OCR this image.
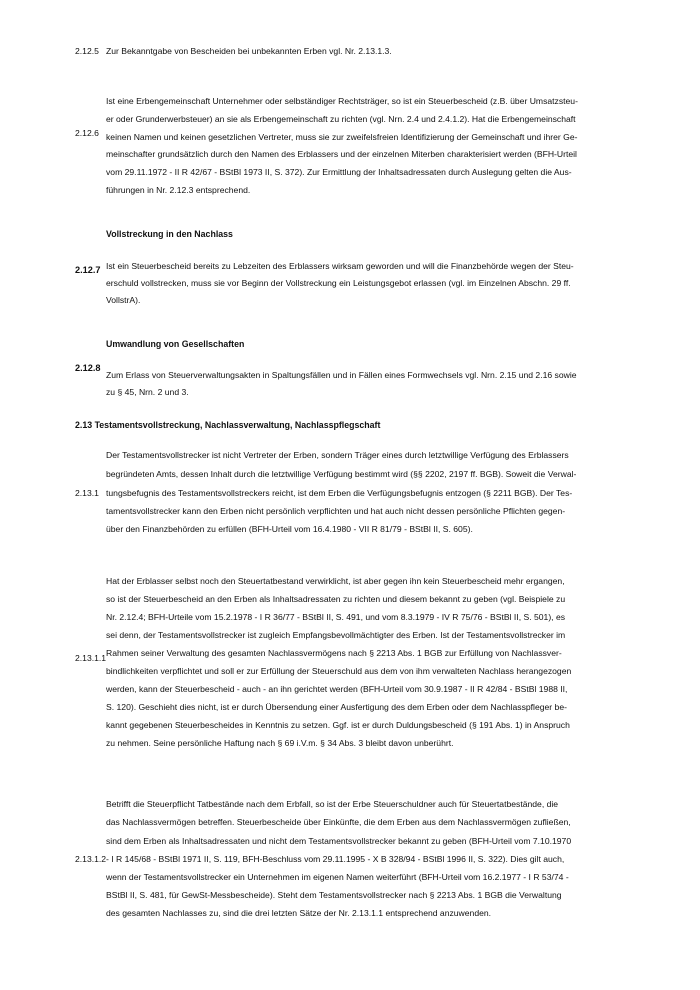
2.12.5 Zur Bekanntgabe von Bescheiden bei unbekannten Erben vgl. Nr. 2.13.1.3.
2.12.6
Ist eine Erbengemeinschaft Unternehmer oder selbständiger Rechtsträger, so ist ein Steuerbescheid (z.B. über Umsatzsteu-
er oder Grunderwerbsteuer) an sie als Erbengemeinschaft zu richten (vgl. Nrn. 2.4 und 2.4.1.2). Hat die Erbengemeinschaft
keinen Namen und keinen gesetzlichen Vertreter, muss sie zur zweifelsfreien Identifizierung der Gemeinschaft und ihrer Ge-
meinschafter grundsätzlich durch den Namen des Erblassers und der einzelnen Miterben charakterisiert werden (BFH-Urteil
vom 29.11.1972 - II R 42/67 - BStBl 1973 II, S. 372). Zur Ermittlung der Inhaltsadressaten durch Auslegung gelten die Aus-
führungen in Nr. 2.12.3 entsprechend.
Vollstreckung in den Nachlass
2.12.7 Ist ein Steuerbescheid bereits zu Lebzeiten des Erblassers wirksam geworden und will die Finanzbehörde wegen der Steu-
erschuld vollstrecken, muss sie vor Beginn der Vollstreckung ein Leistungsgebot erlassen (vgl. im Einzelnen Abschn. 29 ff.
VollstrA).
Umwandlung von Gesellschaften
2.12.8
Zum Erlass von Steuerverwaltungsakten in Spaltungsfällen und in Fällen eines Formwechsels vgl. Nrn. 2.15 und 2.16 sowie
zu § 45, Nrn. 2 und 3.
2.13 Testamentsvollstreckung, Nachlassverwaltung, Nachlasspflegschaft
2.13.1
Der Testamentsvollstrecker ist nicht Vertreter der Erben, sondern Träger eines durch letztwillige Verfügung des Erblassers
begründeten Amts, dessen Inhalt durch die letztwillige Verfügung bestimmt wird (§§ 2202, 2197 ff. BGB). Soweit die Verwal-
tungsbefugnis des Testamentsvollstreckers reicht, ist dem Erben die Verfügungsbefugnis entzogen (§ 2211 BGB). Der Tes-
tamentsvollstrecker kann den Erben nicht persönlich verpflichten und hat auch nicht dessen persönliche Pflichten gegen-
über den Finanzbehörden zu erfüllen (BFH-Urteil vom 16.4.1980 - VII R 81/79 - BStBl II, S. 605).
2.13.1.1
Hat der Erblasser selbst noch den Steuertatbestand verwirklicht, ist aber gegen ihn kein Steuerbescheid mehr ergangen,
so ist der Steuerbescheid an den Erben als Inhaltsadressaten zu richten und diesem bekannt zu geben (vgl. Beispiele zu
Nr. 2.12.4; BFH-Urteile vom 15.2.1978 - I R 36/77 - BStBl II, S. 491, und vom 8.3.1979 - IV R 75/76 - BStBl II, S. 501), es
sei denn, der Testamentsvollstrecker ist zugleich Empfangsbevollmächtigter des Erben. Ist der Testamentsvollstrecker im
Rahmen seiner Verwaltung des gesamten Nachlassvermögens nach § 2213 Abs. 1 BGB zur Erfüllung von Nachlassver-
bindlichkeiten verpflichtet und soll er zur Erfüllung der Steuerschuld aus dem von ihm verwalteten Nachlass herangezogen
werden, kann der Steuerbescheid - auch - an ihn gerichtet werden (BFH-Urteil vom 30.9.1987 - II R 42/84 - BStBl 1988 II,
S. 120). Geschieht dies nicht, ist er durch Übersendung einer Ausfertigung des dem Erben oder dem Nachlasspfleger be-
kannt gegebenen Steuerbescheides in Kenntnis zu setzen. Ggf. ist er durch Duldungsbescheid (§ 191 Abs. 1) in Anspruch
zu nehmen. Seine persönliche Haftung nach § 69 i.V.m. § 34 Abs. 3 bleibt davon unberührt.
2.13.1.2
Betrifft die Steuerpflicht Tatbestände nach dem Erbfall, so ist der Erbe Steuerschuldner auch für Steuertatbestände, die
das Nachlassvermögen betreffen. Steuerbescheide über Einkünfte, die dem Erben aus dem Nachlassvermögen zufließen,
sind dem Erben als Inhaltsadressaten und nicht dem Testamentsvollstrecker bekannt zu geben (BFH-Urteil vom 7.10.1970
- I R 145/68 - BStBl 1971 II, S. 119, BFH-Beschluss vom 29.11.1995 - X B 328/94 - BStBl 1996 II, S. 322). Dies gilt auch,
wenn der Testamentsvollstrecker ein Unternehmen im eigenen Namen weiterführt (BFH-Urteil vom 16.2.1977 - I R 53/74 -
BStBl II, S. 481, für GewSt-Messbescheide). Steht dem Testamentsvollstrecker nach § 2213 Abs. 1 BGB die Verwaltung
des gesamten Nachlasses zu, sind die drei letzten Sätze der Nr. 2.13.1.1 entsprechend anzuwenden.
